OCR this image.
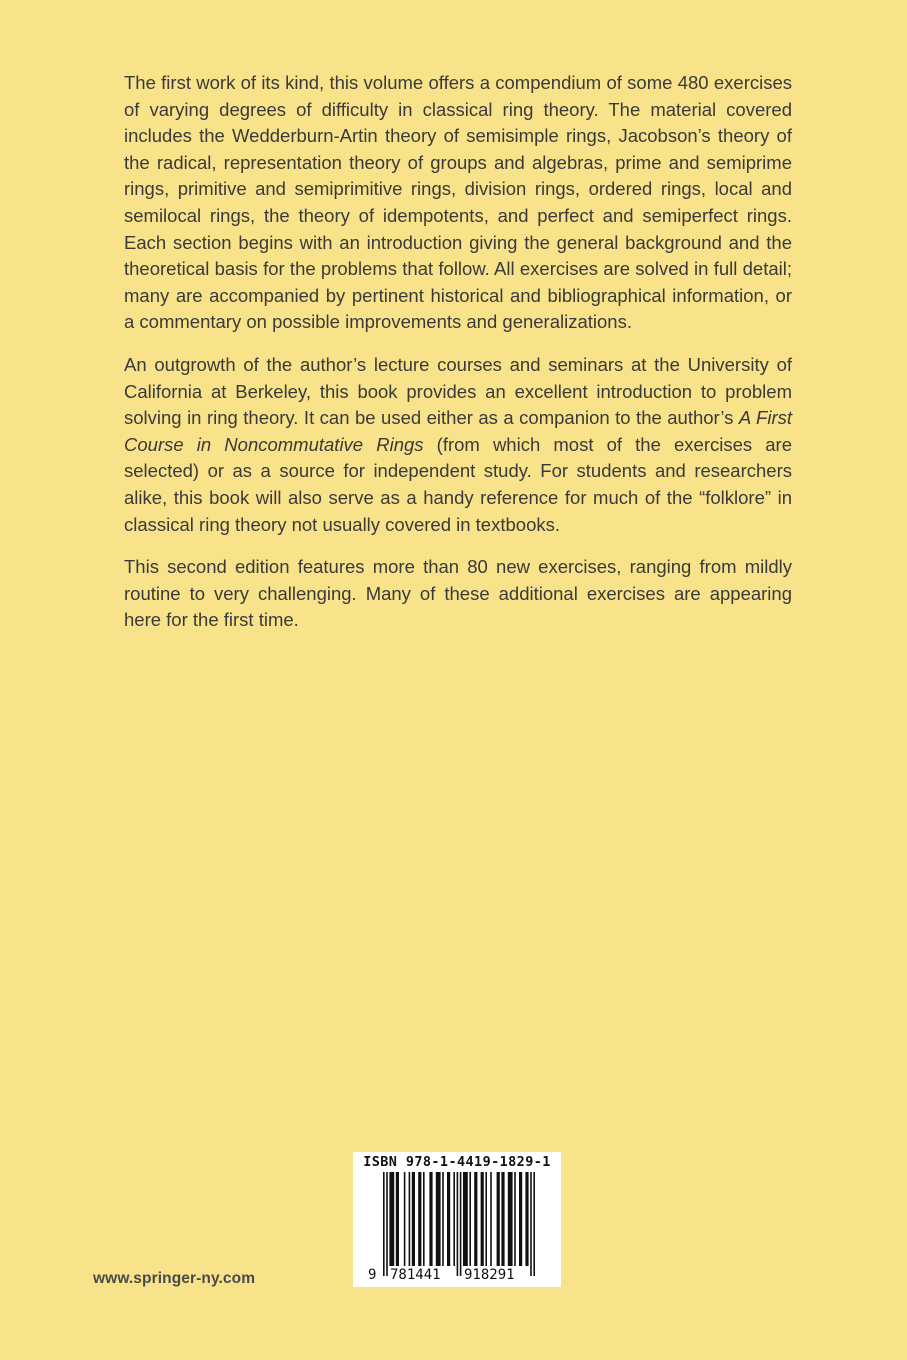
The first work of its kind, this volume offers a compendium of some 480 exercises of varying degrees of difficulty in classical ring theory. The material covered includes the Wedderburn-Artin theory of semisimple rings, Jacobson’s theory of the radical, representation theory of groups and algebras, prime and semiprime rings, primitive and semiprimitive rings, division rings, ordered rings, local and semilocal rings, the theory of idempotents, and perfect and semiperfect rings. Each section begins with an introduction giving the general background and the theoretical basis for the problems that follow. All exercises are solved in full detail; many are accompanied by pertinent historical and bibliographical information, or a commentary on possible improvements and generalizations.

An outgrowth of the author’s lecture courses and seminars at the University of California at Berkeley, this book provides an excellent introduction to problem solving in ring theory. It can be used either as a companion to the author’s A First Course in Noncommutative Rings (from which most of the exercises are selected) or as a source for independent study. For students and researchers alike, this book will also serve as a handy reference for much of the “folklore” in classical ring theory not usually covered in textbooks.

This second edition features more than 80 new exercises, ranging from mildly routine to very challenging. Many of these additional exercises are appearing here for the first time.

www.springer-ny.com
ISBN 978-1-4419-1829-1
9 781441 918291
